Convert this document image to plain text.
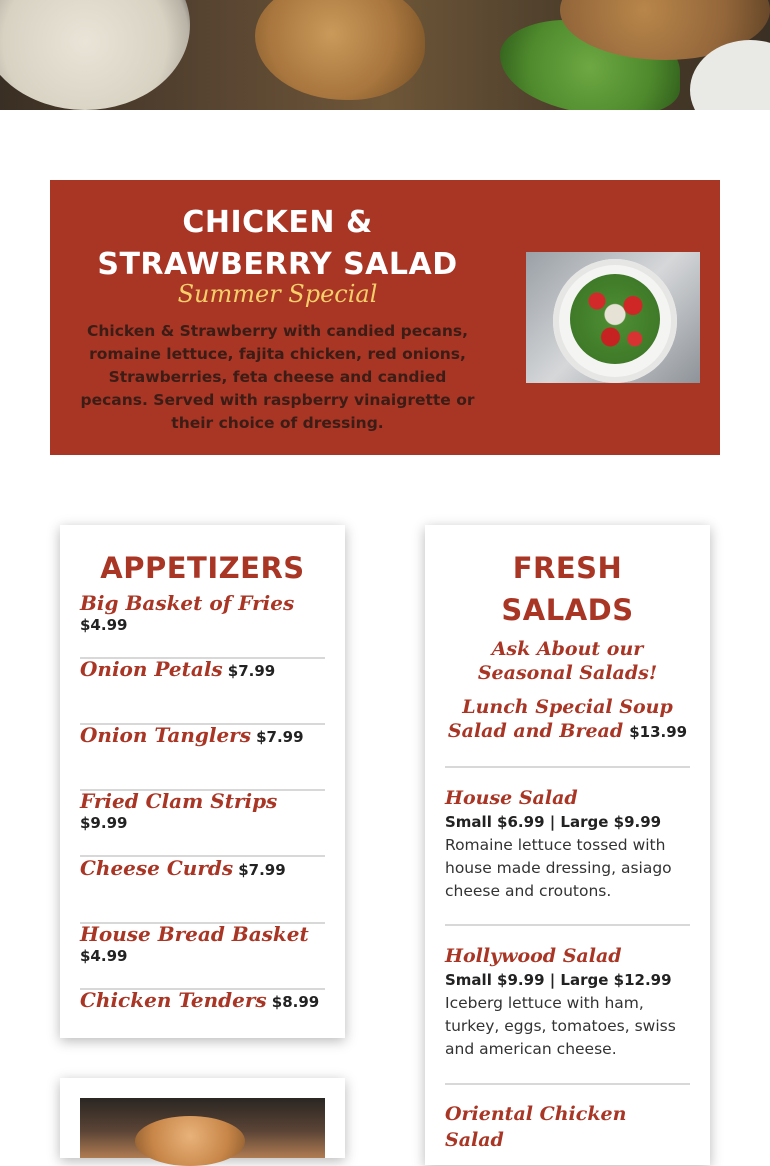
CHICKEN &
STRAWBERRY SALAD
Summer Special
Chicken & Strawberry with candied pecans, romaine lettuce, fajita chicken, red onions, Strawberries, feta cheese and candied pecans. Served with raspberry vinaigrette or their choice of dressing.
APPETIZERS
Big Basket of Fries $4.99
Onion Petals $7.99
Onion Tanglers $7.99
Fried Clam Strips $9.99
Cheese Curds $7.99
House Bread Basket $4.99
Chicken Tenders $8.99
FRESH
SALADS
Ask About our Seasonal Salads!
Lunch Special Soup Salad and Bread $13.99
House Salad
Small $6.99 | Large $9.99
Romaine lettuce tossed with house made dressing, asiago cheese and croutons.
Hollywood Salad
Small $9.99 | Large $12.99
Iceberg lettuce with ham, turkey, eggs, tomatoes, swiss and american cheese.
Oriental Chicken Salad
